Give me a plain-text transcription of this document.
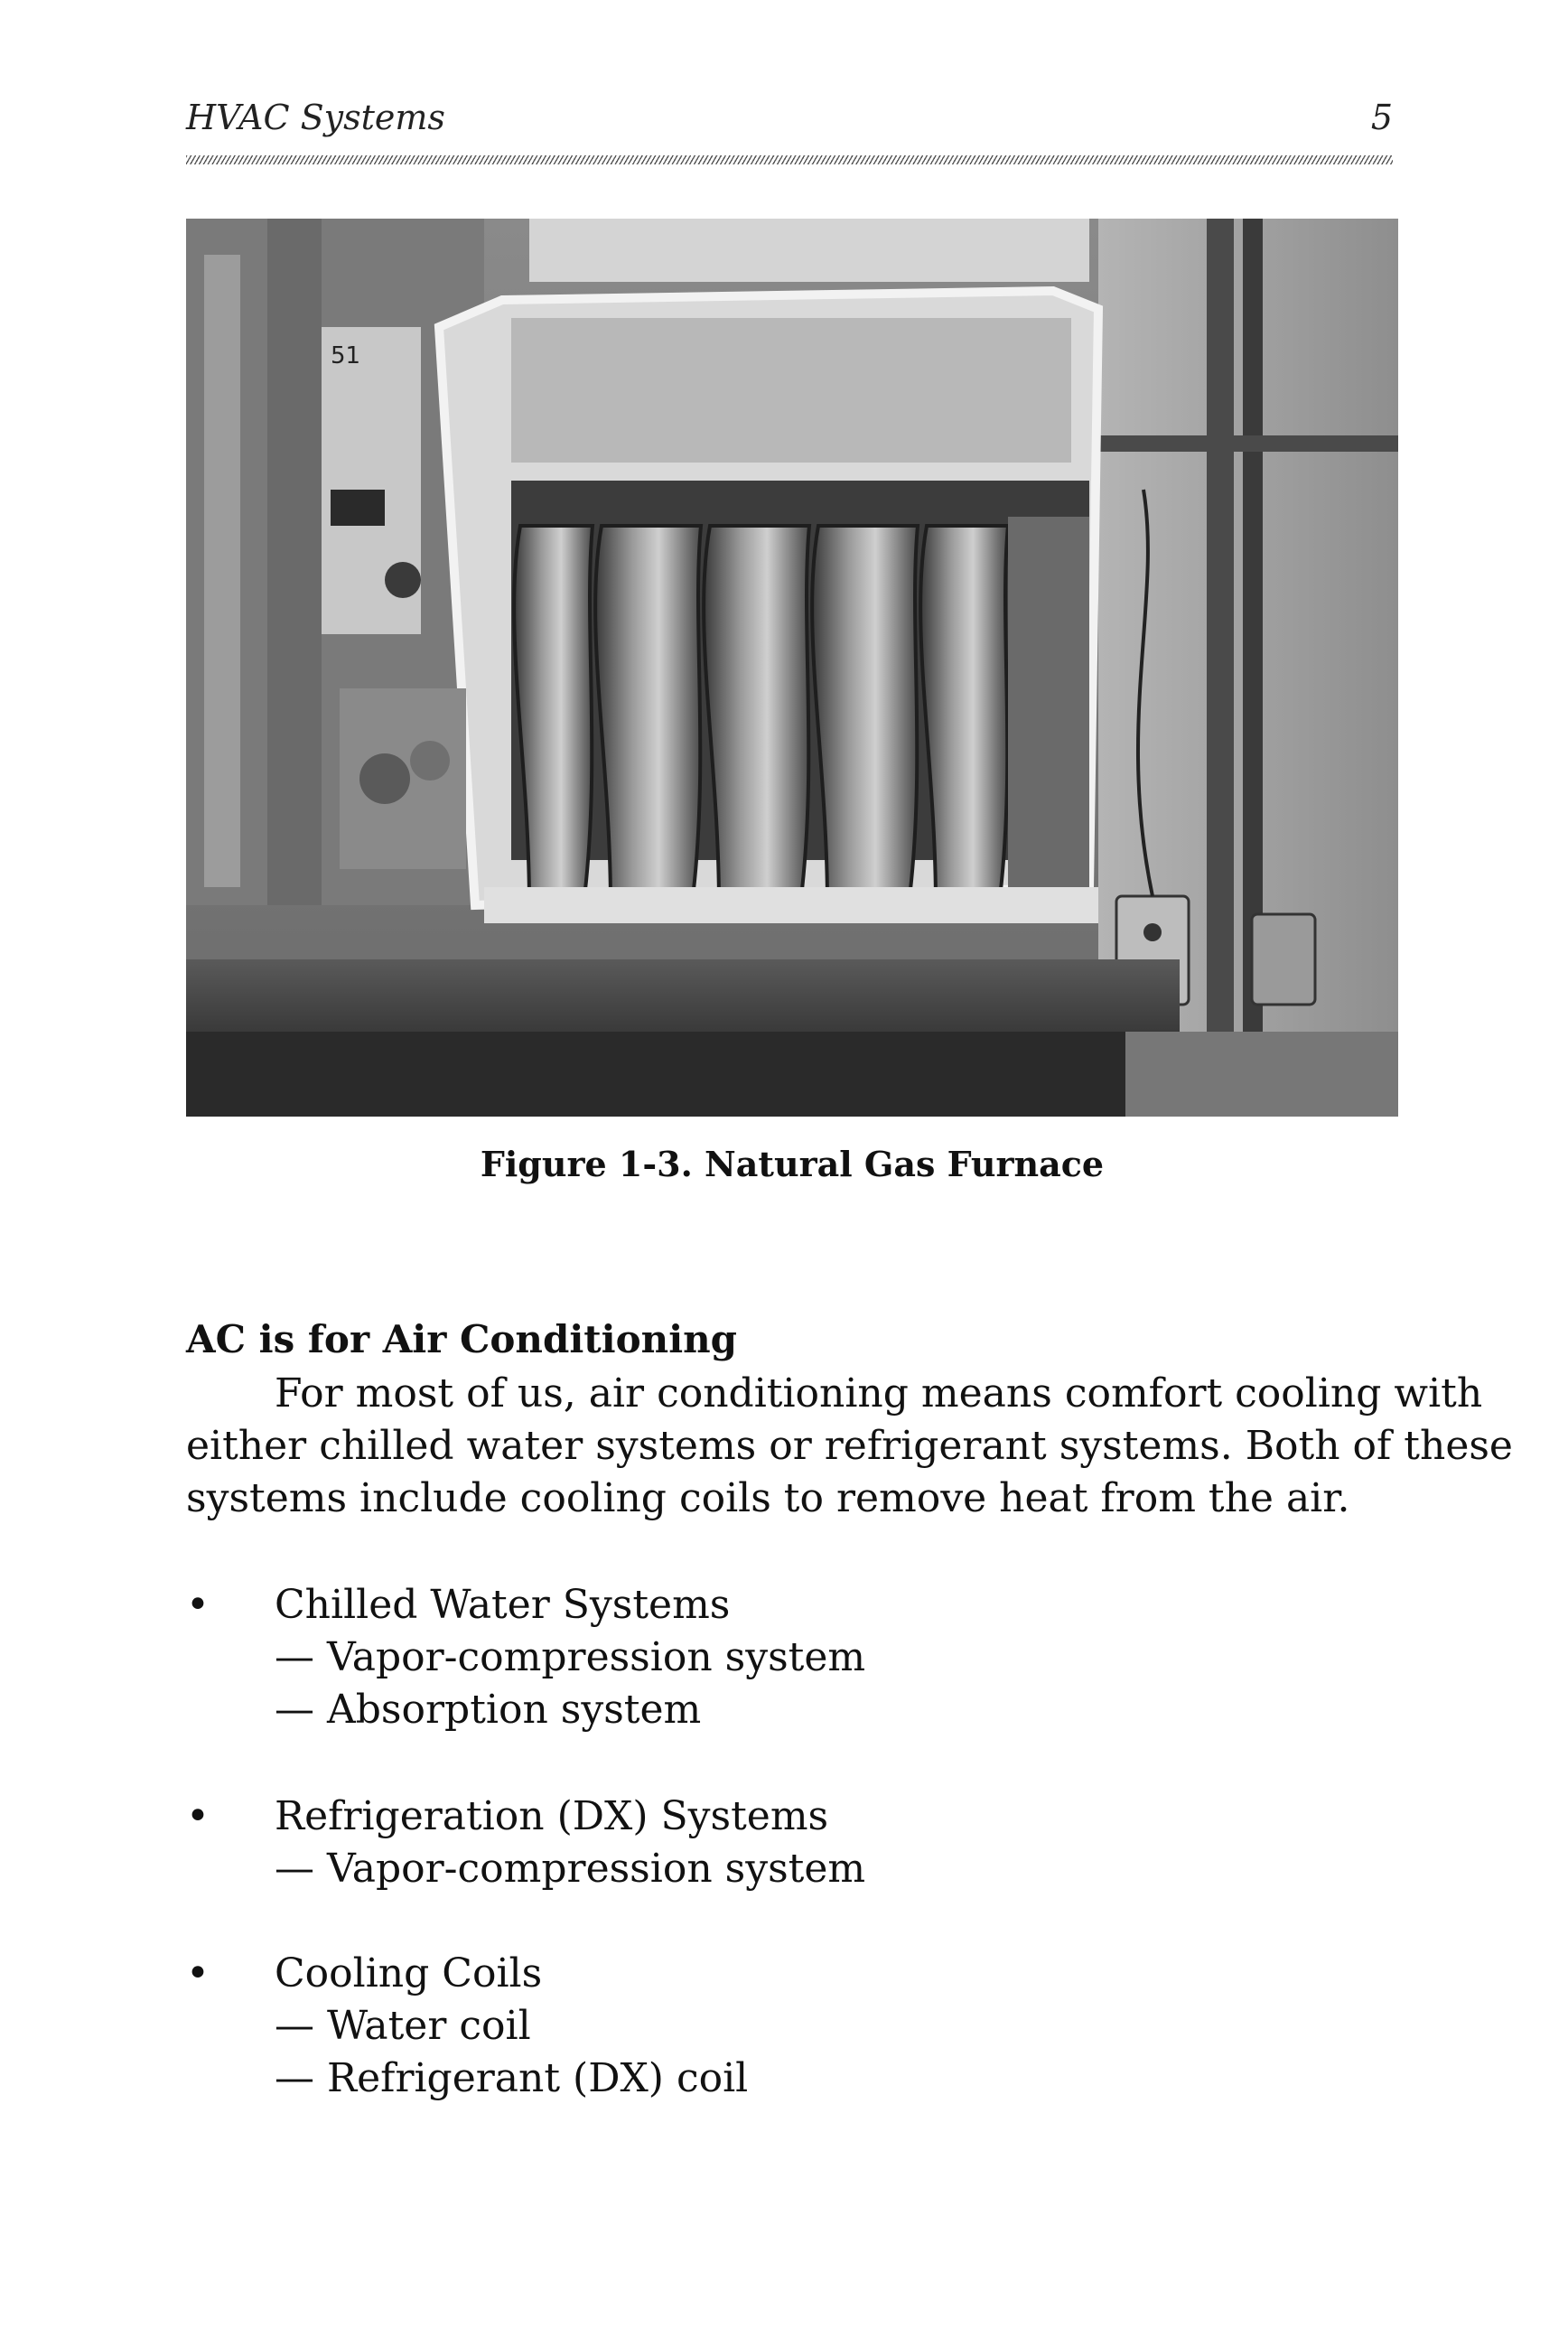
HVAC Systems	5
51
Figure 1-3. Natural Gas Furnace
AC is for Air Conditioning
For most of us, air conditioning means comfort cooling with
either chilled water systems or refrigerant systems. Both of these
systems include cooling coils to remove heat from the air.
•	Chilled Water Systems
— Vapor-compression system
— Absorption system
•	Refrigeration (DX) Systems
— Vapor-compression system
•	Cooling Coils
— Water coil
— Refrigerant (DX) coil
